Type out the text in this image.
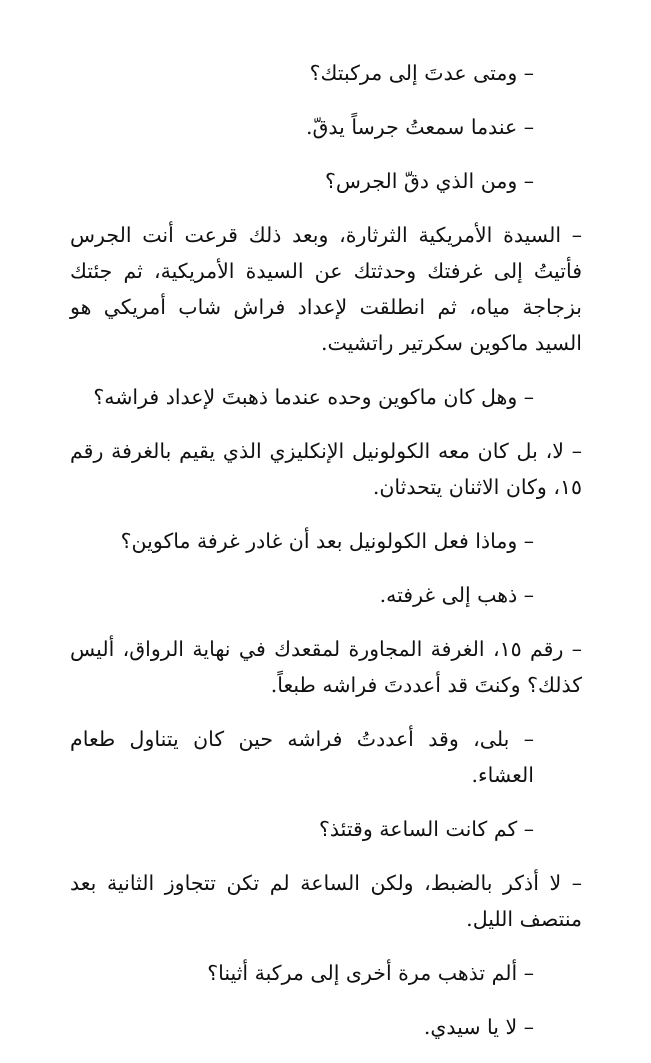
– ومتى عدتَ إلى مركبتك؟

– عندما سمعتُ جرساً يدقّ.

– ومن الذي دقّ الجرس؟

– السيدة الأمريكية الثرثارة، وبعد ذلك قرعت أنت الجرس فأتيتُ إلى غرفتك وحدثتك عن السيدة الأمريكية، ثم جئتك بزجاجة مياه، ثم انطلقت لإعداد فراش شاب أمريكي هو السيد ماكوين سكرتير راتشيت.

– وهل كان ماكوين وحده عندما ذهبتَ لإعداد فراشه؟

– لا، بل كان معه الكولونيل الإنكليزي الذي يقيم بالغرفة رقم ١٥، وكان الاثنان يتحدثان.

– وماذا فعل الكولونيل بعد أن غادر غرفة ماكوين؟

– ذهب إلى غرفته.

– رقم ١٥، الغرفة المجاورة لمقعدك في نهاية الرواق، أليس كذلك؟ وكنتَ قد أعددتَ فراشه طبعاً.

– بلى، وقد أعددتُ فراشه حين كان يتناول طعام العشاء.

– كم كانت الساعة وقتئذ؟

– لا أذكر بالضبط، ولكن الساعة لم تكن تتجاوز الثانية بعد منتصف الليل.

– ألم تذهب مرة أخرى إلى مركبة أثينا؟

– لا يا سيدي.
